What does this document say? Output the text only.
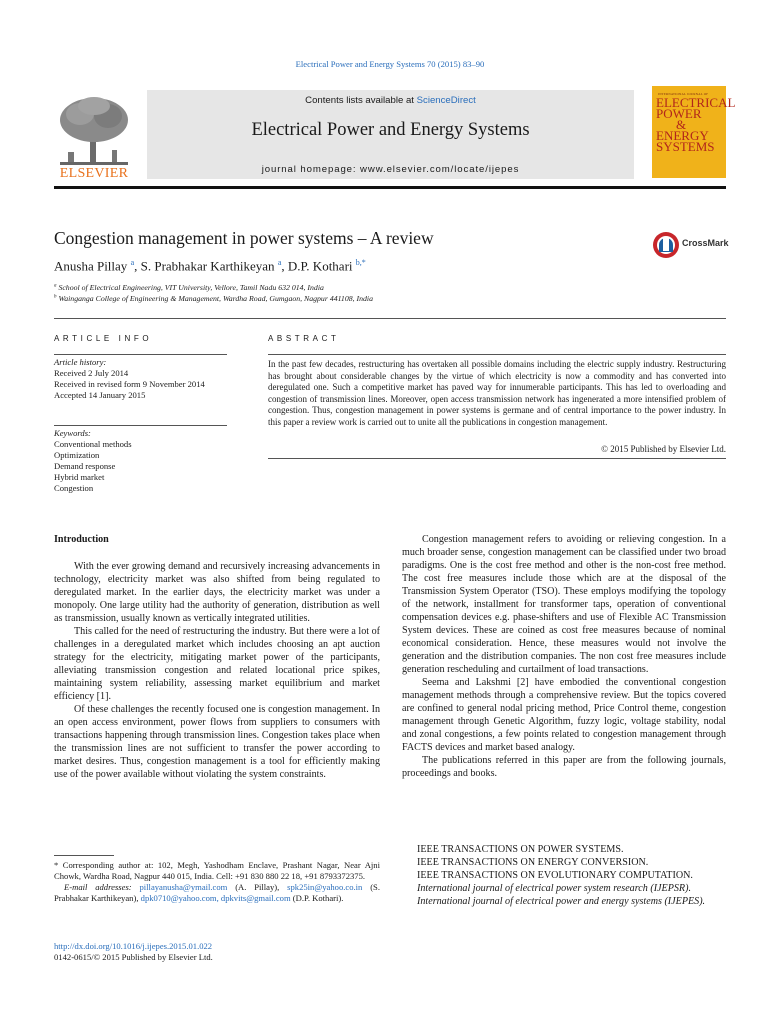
Electrical Power and Energy Systems 70 (2015) 83–90
ELSEVIER
Contents lists available at ScienceDirect
Electrical Power and Energy Systems
journal homepage: www.elsevier.com/locate/ijepes
INTERNATIONAL JOURNAL OF
ELECTRICAL
POWER
&
ENERGY
SYSTEMS
Congestion management in power systems – A review
Anusha Pillay $^a$, S. Prabhakar Karthikeyan $^a$, D.P. Kothari $^{b,*}$
$^a$ School of Electrical Engineering, VIT University, Vellore, Tamil Nadu 632 014, India
$^b$ Wainganga College of Engineering & Management, Wardha Road, Gumgaon, Nagpur 441108, India
CrossMark
ARTICLE INFO	ABSTRACT
Article history:
Received 2 July 2014
Received in revised form 9 November 2014
Accepted 14 January 2015
Keywords:
Conventional methods
Optimization
Demand response
Hybrid market
Congestion
In the past few decades, restructuring has overtaken all possible domains including the electric supply industry. Restructuring has brought about considerable changes by the virtue of which electricity is now a commodity and has converted into deregulated one. Such a competitive market has paved way for innumerable participants. This has led to overloading and congestion of transmission lines. Moreover, open access transmission network has ingenerated a more intensified problem of congestion. Thus, congestion management in power systems is germane and of central importance to the power industry. In this paper a review work is carried out to unite all the publications in congestion management.
© 2015 Published by Elsevier Ltd.
Introduction

With the ever growing demand and recursively increasing advancements in technology, electricity market was also shifted from being regulated to deregulated market. In the earlier days, the electricity market was under a monopoly. One large utility had the authority of generation, distribution as well as transmission, usually known as vertically integrated utilities.

This called for the need of restructuring the industry. But there were a lot of challenges in a deregulated market which includes choosing an apt auction strategy for the electricity, mitigating market power of the participants, alleviating transmission congestion and related locational price spikes, maintaining system reliability, assessing market equilibrium and market efficiency [1].

Of these challenges the recently focused one is congestion management. In an open access environment, power flows from suppliers to consumers with transactions happening through transmission lines. Congestion takes place when the transmission lines are not sufficient to transfer the power according to market desires. Thus, congestion management is a tool for efficiently making use of the power available without violating the system constraints.

Congestion management refers to avoiding or relieving congestion. In a much broader sense, congestion management can be classified under two broad paradigms. One is the cost free method and other is the non-cost free method. The cost free measures include those which are at the disposal of the Transmission System Operator (TSO). These employs modifying the topology of the network, installment for transformer taps, operation of conventional compensation devices e.g. phase-shifters and use of Flexible AC Transmission System devices. These are coined as cost free measures because of nominal economical consideration. Hence, these measures would not involve the generation and the distribution companies. The non cost free measures include generation rescheduling and curtailment of load transactions.

Seema and Lakshmi [2] have embodied the conventional congestion management methods through a comprehensive review. But the topics covered are confined to general nodal pricing method, Price Control theme, congestion management through Genetic Algorithm, fuzzy logic, voltage stability, nodal and zonal congestions, a few points related to congestion management through FACTS devices and market based analogy.

The publications referred in this paper are from the following journals, proceedings and books.

IEEE TRANSACTIONS ON POWER SYSTEMS.
IEEE TRANSACTIONS ON ENERGY CONVERSION.
IEEE TRANSACTIONS ON EVOLUTIONARY COMPUTATION.
International journal of electrical power system research (IJEPSR).
International journal of electrical power and energy systems (IJEPES).
* Corresponding author at: 102, Megh, Yashodham Enclave, Prashant Nagar, Near Ajni Chowk, Wardha Road, Nagpur 440 015, India. Cell: +91 830 880 22 18, +91 8793372375.
E-mail addresses: pillayanusha@ymail.com (A. Pillay), spk25in@yahoo.co.in (S. Prabhakar Karthikeyan), dpk0710@yahoo.com, dpkvits@gmail.com (D.P. Kothari).
http://dx.doi.org/10.1016/j.ijepes.2015.01.022
0142-0615/© 2015 Published by Elsevier Ltd.
